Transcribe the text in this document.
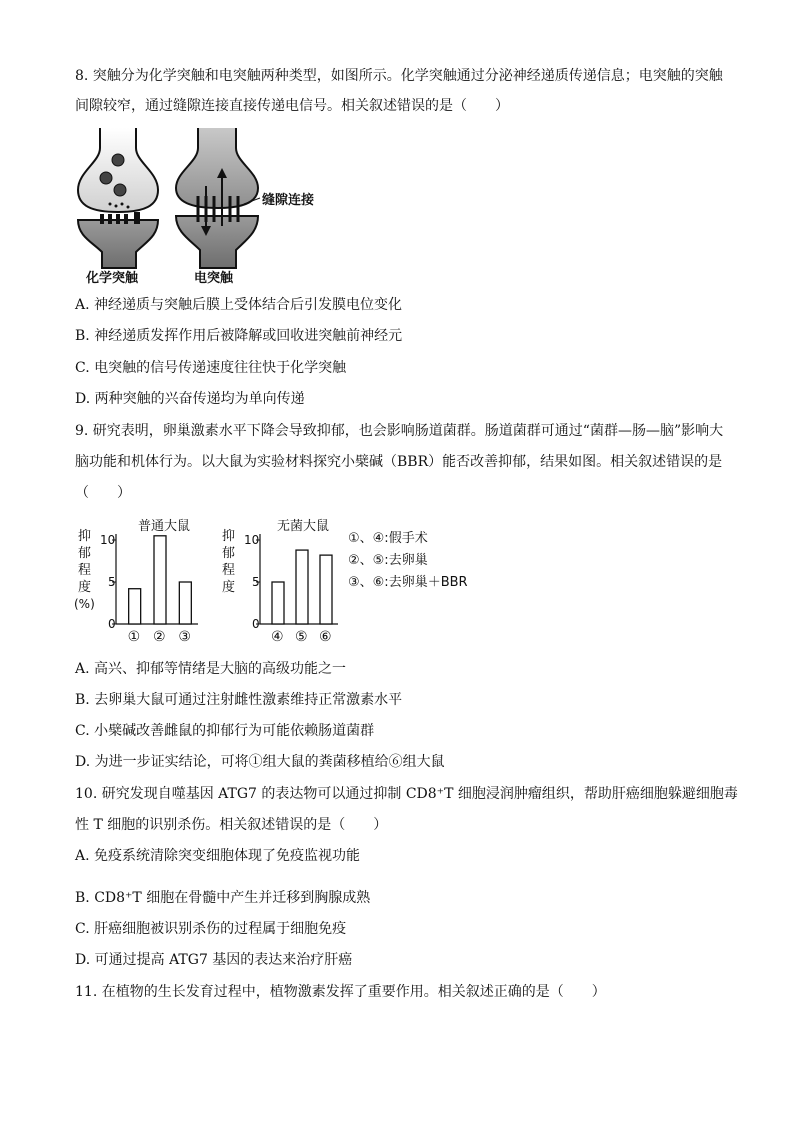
8. 突触分为化学突触和电突触两种类型，如图所示。化学突触通过分泌神经递质传递信息；电突触的突触
间隙较窄，通过缝隙连接直接传递电信号。相关叙述错误的是（　　）
缝隙连接
化学突触	电突触
A. 神经递质与突触后膜上受体结合后引发膜电位变化
B. 神经递质发挥作用后被降解或回收进突触前神经元
C. 电突触的信号传递速度往往快于化学突触
D. 两种突触的兴奋传递均为单向传递
9. 研究表明，卵巢激素水平下降会导致抑郁，也会影响肠道菌群。肠道菌群可通过“菌群—肠—脑”影响大
脑功能和机体行为。以大鼠为实验材料探究小檗碱（BBR）能否改善抑郁，结果如图。相关叙述错误的是
（　　）
抑
郁
程
度
(%)
抑
郁
程
度
普通大鼠
0
5
10
① ② ③
无菌大鼠
0
5
10
④ ⑤ ⑥
①、④:假手术
②、⑤:去卵巢
③、⑥:去卵巢＋BBR
A. 高兴、抑郁等情绪是大脑的高级功能之一
B. 去卵巢大鼠可通过注射雌性激素维持正常激素水平
C. 小檗碱改善雌鼠的抑郁行为可能依赖肠道菌群
D. 为进一步证实结论，可将①组大鼠的粪菌移植给⑥组大鼠
10. 研究发现自噬基因 ATG7 的表达物可以通过抑制 CD8⁺T 细胞浸润肿瘤组织，帮助肝癌细胞躲避细胞毒
性 T 细胞的识别杀伤。相关叙述错误的是（　　）
A. 免疫系统清除突变细胞体现了免疫监视功能
B. CD8⁺T 细胞在骨髓中产生并迁移到胸腺成熟
C. 肝癌细胞被识别杀伤的过程属于细胞免疫
D. 可通过提高 ATG7 基因的表达来治疗肝癌
11. 在植物的生长发育过程中，植物激素发挥了重要作用。相关叙述正确的是（　　）
